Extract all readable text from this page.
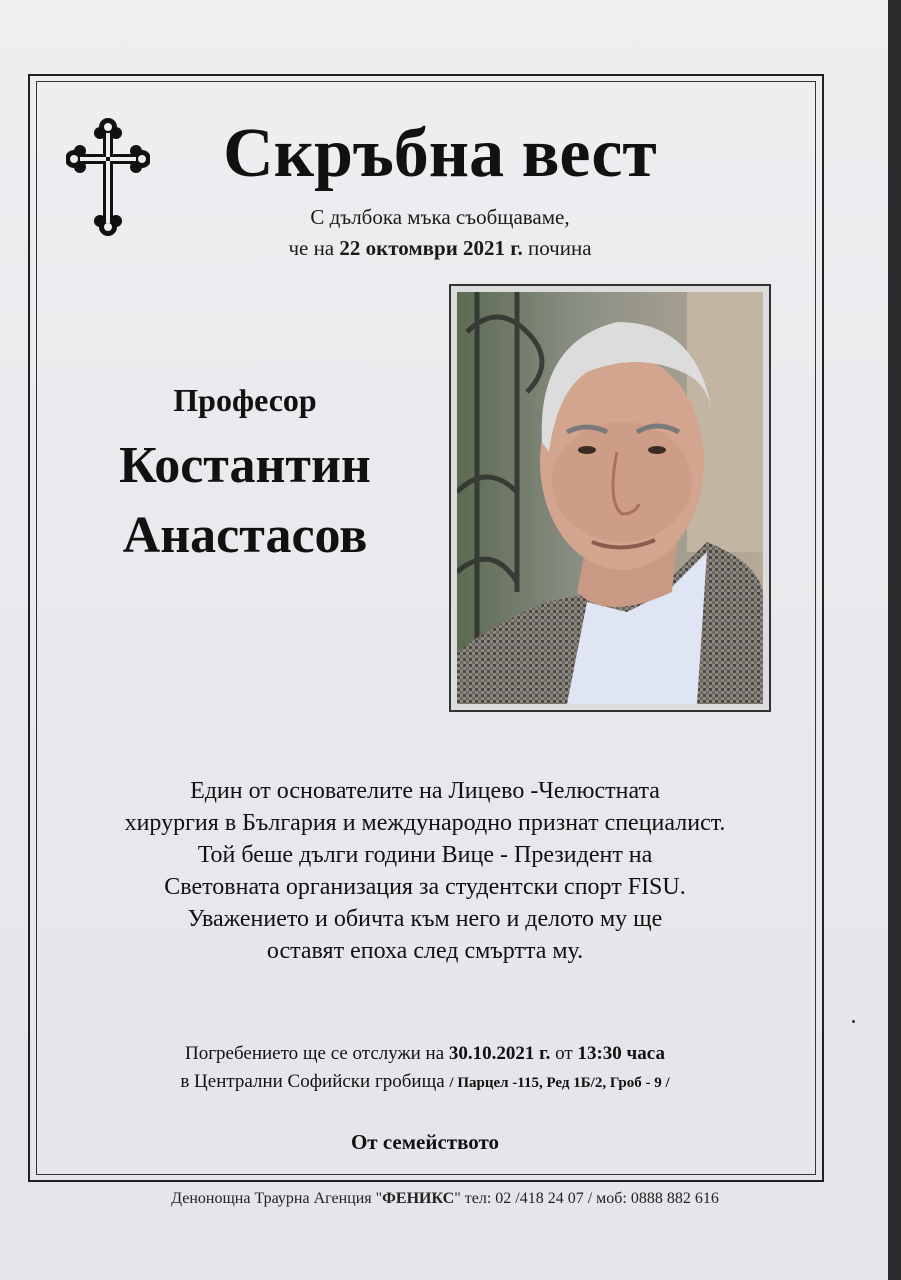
Скръбна вест
С дълбока мъка съобщаваме,
че на 22 октомври 2021 г. почина
Професор
Костантин
Анастасов
Един от основателите на Лицево -Челюстната
хирургия в България и международно признат специалист.
Той беше дълги години Вице - Президент на
Световната организация за студентски спорт FISU.
Уважението и обичта към него и делото му ще
оставят епоха след смъртта му.
Погребението ще се отслужи на 30.10.2021 г. от 13:30 часа
в Централни Софийски гробища / Парцел -115, Ред 1Б/2, Гроб - 9 /
От семейството
Денонощна Траурна Агенция "ФЕНИКС" тел: 02 /418 24 07 / моб: 0888 882 616
